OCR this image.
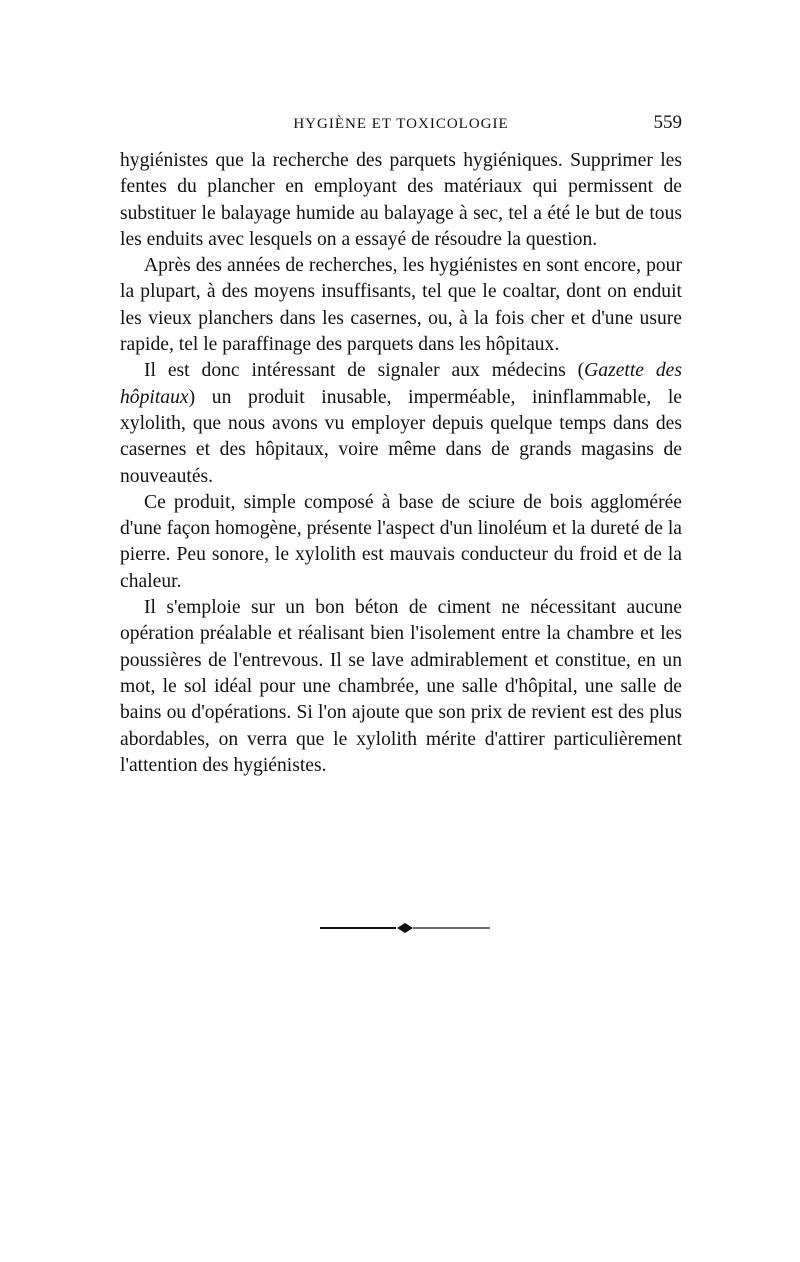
HYGIÈNE ET TOXICOLOGIE	559

hygiénistes que la recherche des parquets hygiéniques. Supprimer les fentes du plancher en employant des matériaux qui permissent de substituer le balayage humide au balayage à sec, tel a été le but de tous les enduits avec lesquels on a essayé de résoudre la question.

Après des années de recherches, les hygiénistes en sont encore, pour la plupart, à des moyens insuffisants, tel que le coaltar, dont on enduit les vieux planchers dans les casernes, ou, à la fois cher et d'une usure rapide, tel le paraffinage des parquets dans les hôpitaux.

Il est donc intéressant de signaler aux médecins (Gazette des hôpitaux) un produit inusable, imperméable, ininflammable, le xylolith, que nous avons vu employer depuis quelque temps dans des casernes et des hôpitaux, voire même dans de grands magasins de nouveautés.

Ce produit, simple composé à base de sciure de bois agglomérée d'une façon homogène, présente l'aspect d'un linoléum et la dureté de la pierre. Peu sonore, le xylolith est mauvais conducteur du froid et de la chaleur.

Il s'emploie sur un bon béton de ciment ne nécessitant aucune opération préalable et réalisant bien l'isolement entre la chambre et les poussières de l'entrevous. Il se lave admirablement et constitue, en un mot, le sol idéal pour une chambrée, une salle d'hôpital, une salle de bains ou d'opérations. Si l'on ajoute que son prix de revient est des plus abordables, on verra que le xylolith mérite d'attirer particulièrement l'attention des hygiénistes.
